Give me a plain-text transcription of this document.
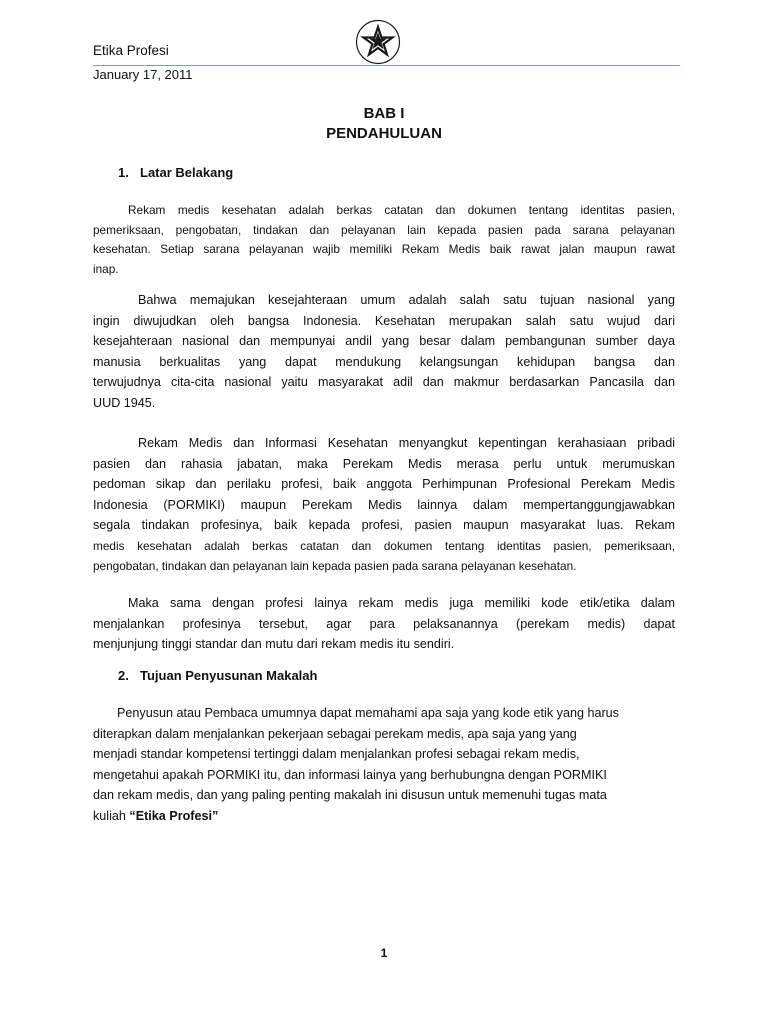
Etika Profesi
January 17, 2011
BAB I
PENDAHULUAN
1. Latar Belakang
Rekam medis kesehatan adalah berkas catatan dan dokumen tentang identitas pasien,
pemeriksaan, pengobatan, tindakan dan pelayanan lain kepada pasien pada sarana pelayanan
kesehatan. Setiap sarana pelayanan wajib memiliki Rekam Medis baik rawat jalan maupun rawat
inap.
Bahwa memajukan kesejahteraan umum adalah salah satu tujuan nasional yang
ingin diwujudkan oleh bangsa Indonesia. Kesehatan merupakan salah satu wujud dari
kesejahteraan nasional dan mempunyai andil yang besar dalam pembangunan sumber daya
manusia berkualitas yang dapat mendukung kelangsungan kehidupan bangsa dan
terwujudnya cita-cita nasional yaitu masyarakat adil dan makmur berdasarkan Pancasila dan
UUD 1945.
Rekam Medis dan Informasi Kesehatan menyangkut kepentingan kerahasiaan pribadi
pasien dan rahasia jabatan, maka Perekam Medis merasa perlu untuk merumuskan
pedoman sikap dan perilaku profesi, baik anggota Perhimpunan Profesional Perekam Medis
Indonesia (PORMIKI) maupun Perekam Medis lainnya dalam mempertanggungjawabkan
segala tindakan profesinya, baik kepada profesi, pasien maupun masyarakat luas. Rekam
medis kesehatan adalah berkas catatan dan dokumen tentang identitas pasien, pemeriksaan,
pengobatan, tindakan dan pelayanan lain kepada pasien pada sarana pelayanan kesehatan.
Maka sama dengan profesi lainya rekam medis juga memiliki kode etik/etika dalam
menjalankan profesinya tersebut, agar para pelaksanannya (perekam medis) dapat
menjunjung tinggi standar dan mutu dari rekam medis itu sendiri.
2. Tujuan Penyusunan Makalah
Penyusun atau Pembaca umumnya dapat memahami apa saja yang kode etik yang harus
diterapkan dalam menjalankan pekerjaan sebagai perekam medis, apa saja yang yang
menjadi standar kompetensi tertinggi dalam menjalankan profesi sebagai rekam medis,
mengetahui apakah PORMIKI itu, dan informasi lainya yang berhubungna dengan PORMIKI
dan rekam medis, dan yang paling penting makalah ini disusun untuk memenuhi tugas mata
kuliah “Etika Profesi”
1
